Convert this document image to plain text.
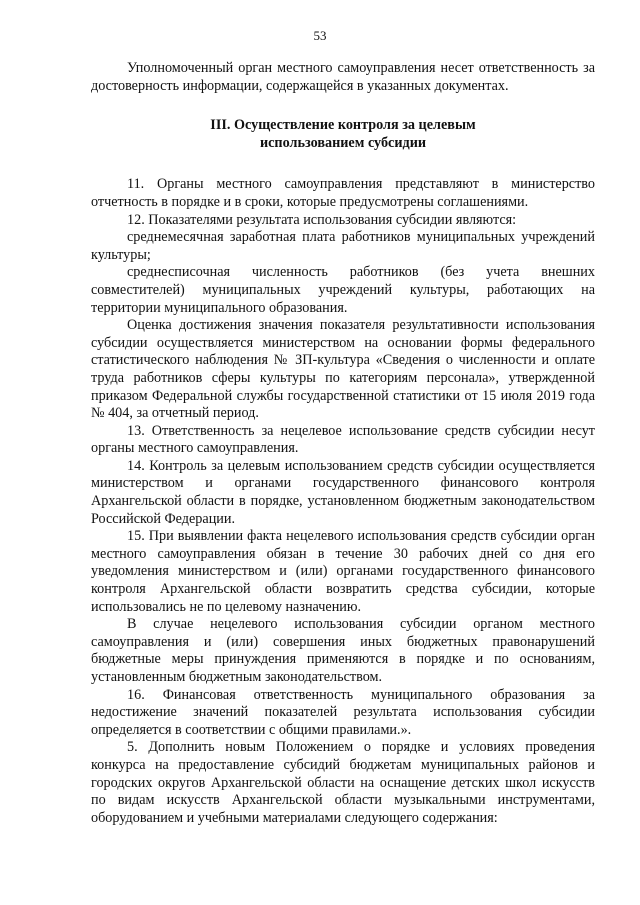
53

Уполномоченный орган местного самоуправления несет ответственность за достоверность информации, содержащейся в указанных документах.

III. Осуществление контроля за целевым
использованием субсидии

11. Органы местного самоуправления представляют в министерство отчетность в порядке и в сроки, которые предусмотрены соглашениями.

12. Показателями результата использования субсидии являются:

среднемесячная заработная плата работников муниципальных учреждений культуры;

среднесписочная численность работников (без учета внешних совместителей) муниципальных учреждений культуры, работающих на территории муниципального образования.

Оценка достижения значения показателя результативности использования субсидии осуществляется министерством на основании формы федерального статистического наблюдения № ЗП-культура «Сведения о численности и оплате труда работников сферы культуры по категориям персонала», утвержденной приказом Федеральной службы государственной статистики от 15 июля 2019 года № 404, за отчетный период.

13. Ответственность за нецелевое использование средств субсидии несут органы местного самоуправления.

14. Контроль за целевым использованием средств субсидии осуществляется министерством и органами государственного финансового контроля Архангельской области в порядке, установленном бюджетным законодательством Российской Федерации.

15. При выявлении факта нецелевого использования средств субсидии орган местного самоуправления обязан в течение 30 рабочих дней со дня его уведомления министерством и (или) органами государственного финансового контроля Архангельской области возвратить средства субсидии, которые использовались не по целевому назначению.

В случае нецелевого использования субсидии органом местного самоуправления и (или) совершения иных бюджетных правонарушений бюджетные меры принуждения применяются в порядке и по основаниям, установленным бюджетным законодательством.

16. Финансовая ответственность муниципального образования за недостижение значений показателей результата использования субсидии определяется в соответствии с общими правилами.».

5. Дополнить новым Положением о порядке и условиях проведения конкурса на предоставление субсидий бюджетам муниципальных районов и городских округов Архангельской области на оснащение детских школ искусств по видам искусств Архангельской области музыкальными инструментами, оборудованием и учебными материалами следующего содержания:
